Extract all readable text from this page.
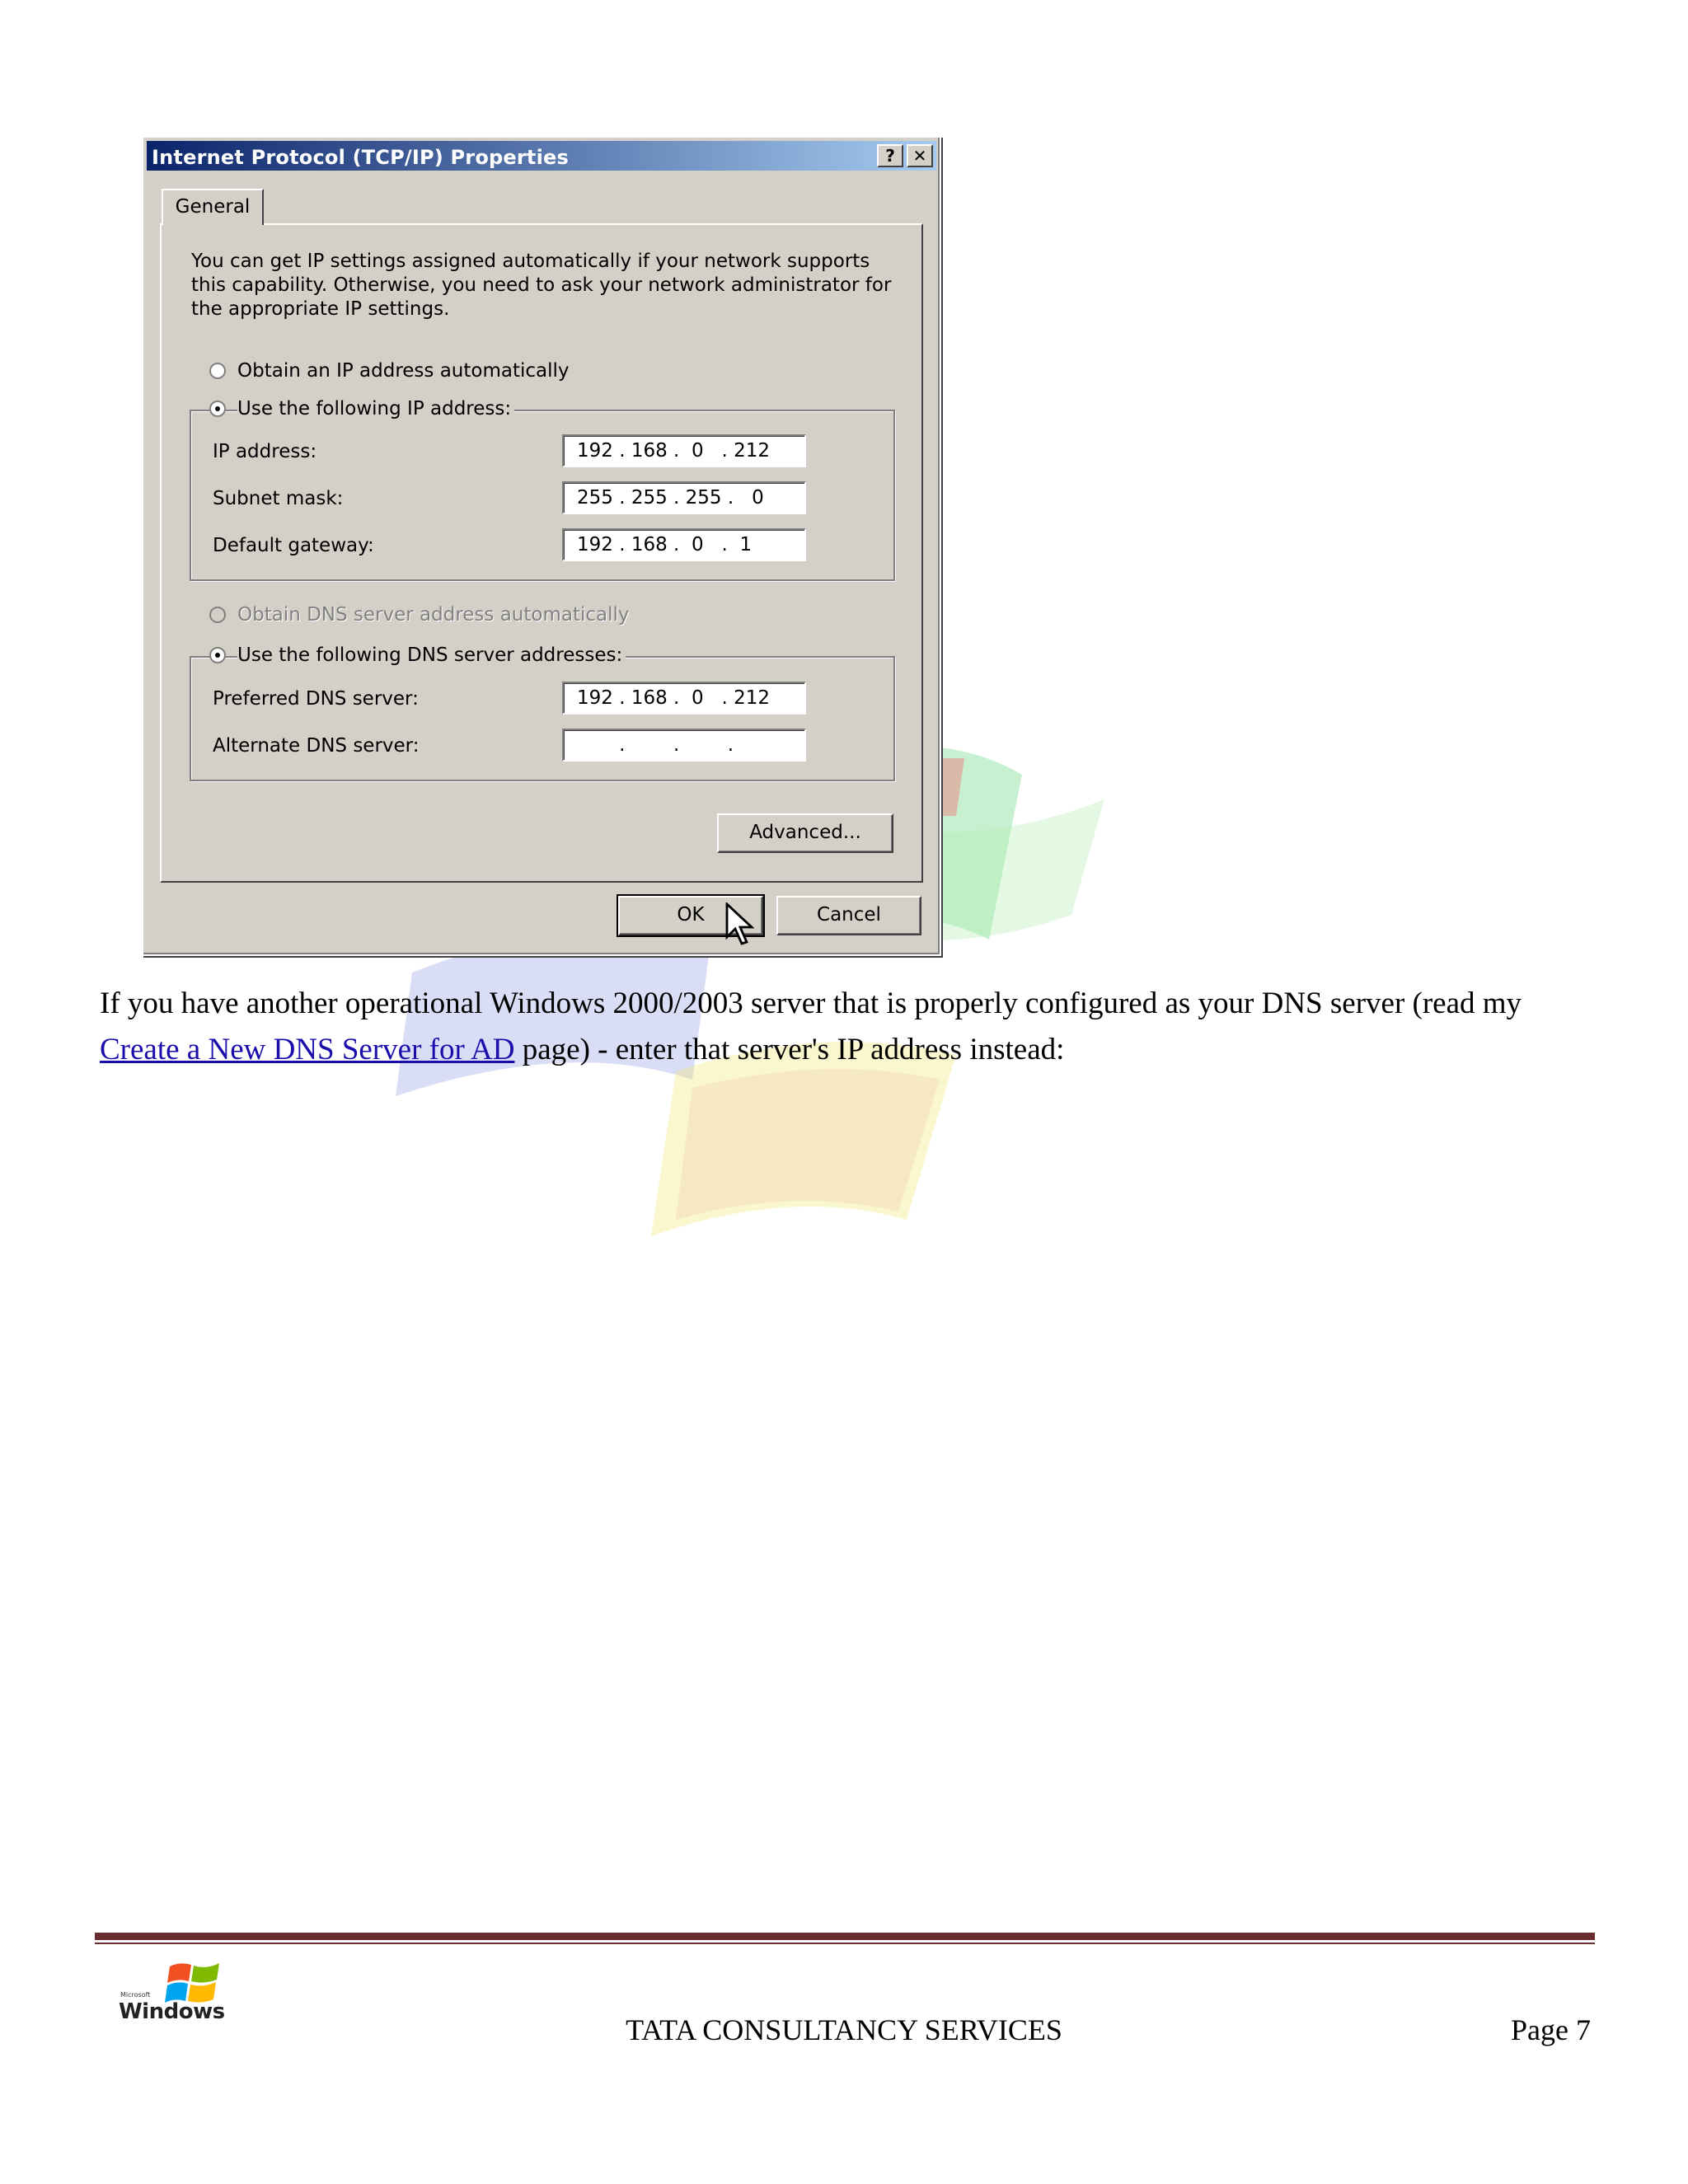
Internet Protocol (TCP/IP) Properties	?	✕
General
You can get IP settings assigned automatically if your network supports this capability. Otherwise, you need to ask your network administrator for the appropriate IP settings.
Obtain an IP address automatically
Use the following IP address:
IP address:	192 . 168 .  0   . 212
Subnet mask:	255 . 255 . 255 .   0
Default gateway:	192 . 168 .  0   .  1
Obtain DNS server address automatically
Use the following DNS server addresses:
Preferred DNS server:	192 . 168 .  0   . 212
Alternate DNS server:	.        .        .
Advanced...
OK	Cancel
If you have another operational Windows 2000/2003 server that is properly configured as your DNS server (read my Create a New DNS Server for AD page) - enter that server's IP address instead:
Microsoft
Windows
TATA CONSULTANCY SERVICES	Page 7
